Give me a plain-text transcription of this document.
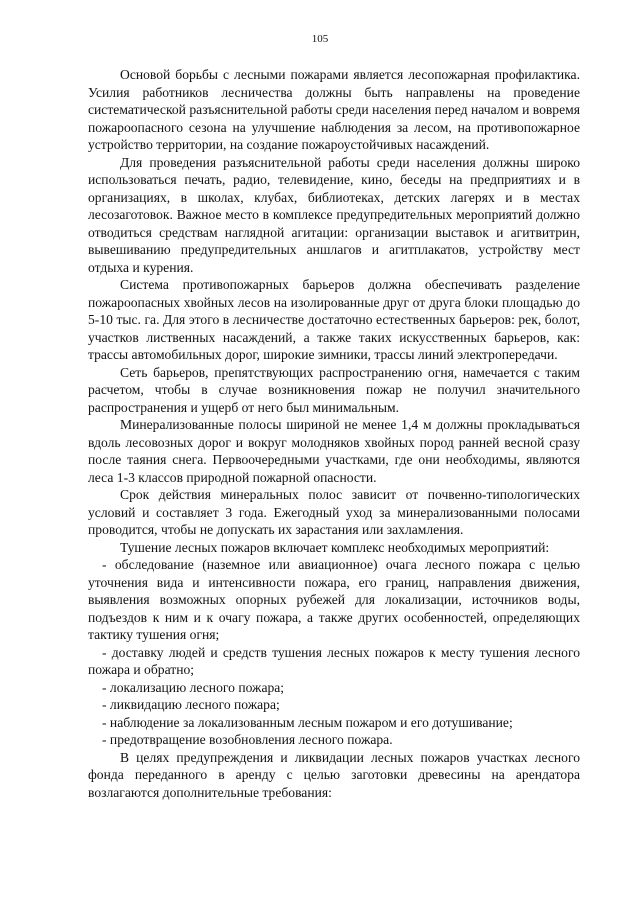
105

Основой борьбы с лесными пожарами является лесопожарная профилактика. Усилия работников лесничества должны быть направлены на проведение систематической разъяснительной работы среди населения перед началом и вовремя пожароопасного сезона на улучшение наблюдения за лесом, на противопожарное устройство территории, на создание пожароустойчивых насаждений.

Для проведения разъяснительной работы среди населения должны широко использоваться печать, радио, телевидение, кино, беседы на предприятиях и в организациях, в школах, клубах, библиотеках, детских лагерях и в местах лесозаготовок. Важное место в комплексе предупредительных мероприятий должно отводиться средствам наглядной агитации: организации выставок и агитвитрин, вывешиванию предупредительных аншлагов и агитплакатов, устройству мест отдыха и курения.

Система противопожарных барьеров должна обеспечивать разделение пожароопасных хвойных лесов на изолированные друг от друга блоки площадью до 5-10 тыс. га. Для этого в лесничестве достаточно естественных барьеров: рек, болот, участков лиственных насаждений, а также таких искусственных барьеров, как: трассы автомобильных дорог, широкие зимники, трассы линий электропередачи.

Сеть барьеров, препятствующих распространению огня, намечается с таким расчетом, чтобы в случае возникновения пожар не получил значительного распространения и ущерб от него был минимальным.

Минерализованные полосы шириной не менее 1,4 м должны прокладываться вдоль лесовозных дорог и вокруг молодняков хвойных пород ранней весной сразу после таяния снега. Первоочередными участками, где они необходимы, являются леса 1-3 классов природной пожарной опасности.

Срок действия минеральных полос зависит от почвенно-типологических условий и составляет 3 года. Ежегодный уход за минерализованными полосами проводится, чтобы не допускать их зарастания или захламления.

Тушение лесных пожаров включает комплекс необходимых мероприятий:

- обследование (наземное или авиационное) очага лесного пожара с целью уточнения вида и интенсивности пожара, его границ, направления движения, выявления возможных опорных рубежей для локализации, источников воды, подъездов к ним и к очагу пожара, а также других особенностей, определяющих тактику тушения огня;

- доставку людей и средств тушения лесных пожаров к месту тушения лесного пожара и обратно;

- локализацию лесного пожара;

- ликвидацию лесного пожара;

- наблюдение за локализованным лесным пожаром и его дотушивание;

- предотвращение возобновления лесного пожара.

В целях предупреждения и ликвидации лесных пожаров участках лесного фонда переданного в аренду с целью заготовки древесины на арендатора возлагаются дополнительные требования:
